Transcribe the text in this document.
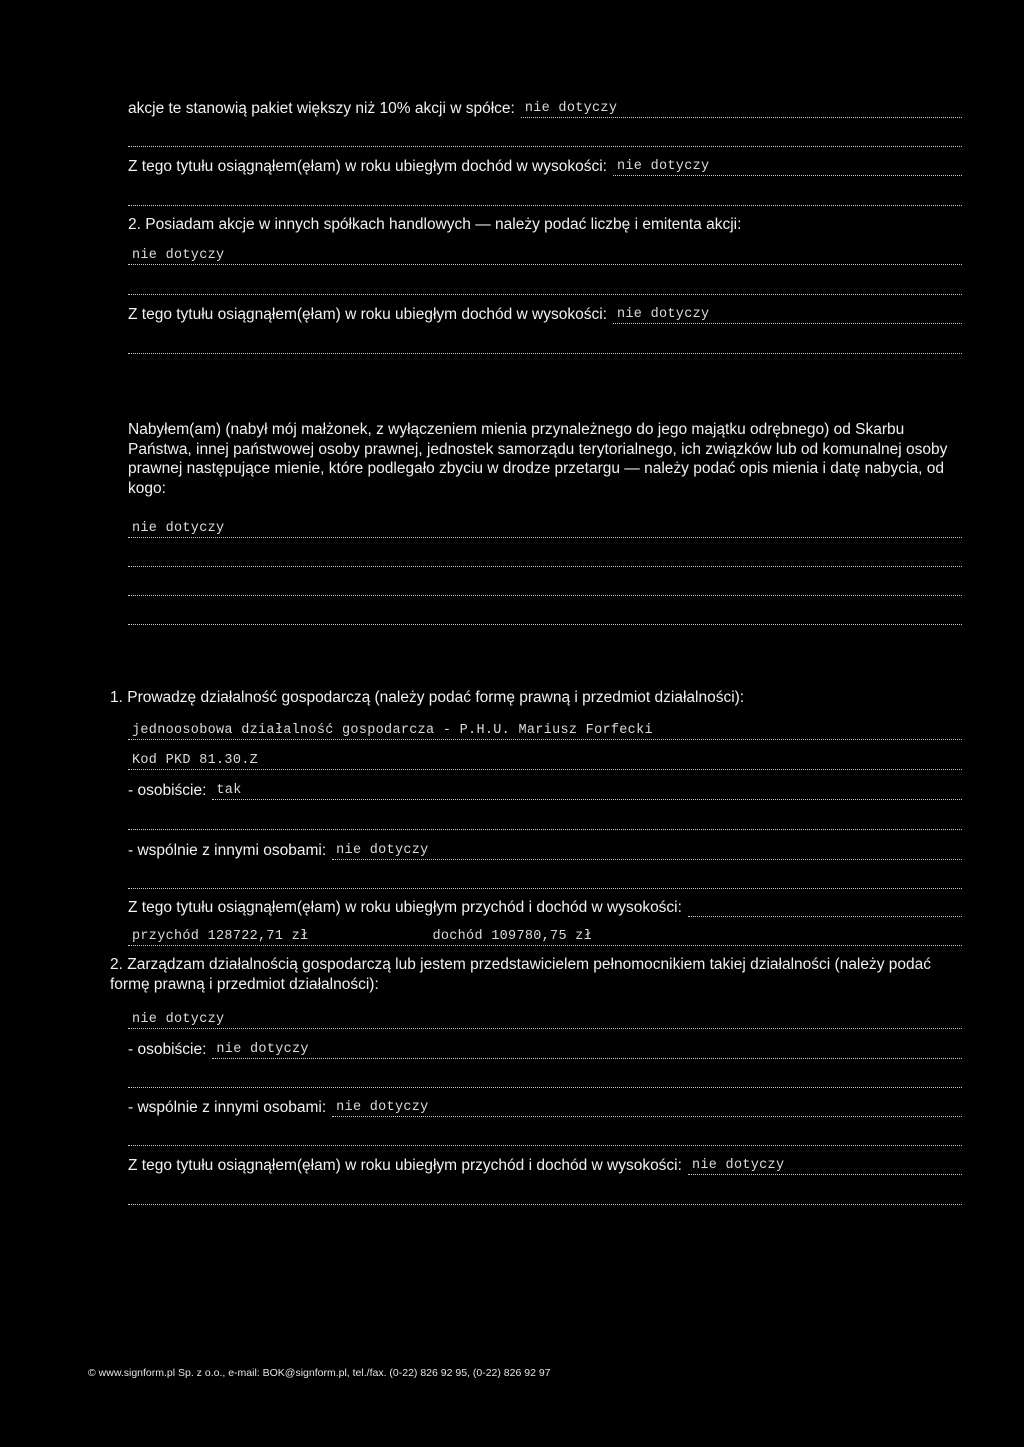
akcje te stanowią pakiet większy niż 10% akcji w spółce: nie dotyczy
Z tego tytułu osiągnąłem(ęłam) w roku ubiegłym dochód w wysokości: nie dotyczy
2. Posiadam akcje w innych spółkach handlowych — należy podać liczbę i emitenta akcji:
nie dotyczy
Z tego tytułu osiągnąłem(ęłam) w roku ubiegłym dochód w wysokości: nie dotyczy
Nabyłem(am) (nabył mój małżonek, z wyłączeniem mienia przynależnego do jego majątku odrębnego) od Skarbu Państwa, innej państwowej osoby prawnej, jednostek samorządu terytorialnego, ich związków lub od komunalnej osoby prawnej następujące mienie, które podlegało zbyciu w drodze przetargu — należy podać opis mienia i datę nabycia, od kogo:
nie dotyczy
1. Prowadzę działalność gospodarczą (należy podać formę prawną i przedmiot działalności):
jednoosobowa działalność gospodarcza - P.H.U. Mariusz Forfecki
Kod PKD 81.30.Z
- osobiście: tak
- wspólnie z innymi osobami: nie dotyczy
Z tego tytułu osiągnąłem(ęłam) w roku ubiegłym przychód i dochód w wysokości:
przychód 128722,71 zł	dochód 109780,75 zł
2. Zarządzam działalnością gospodarczą lub jestem przedstawicielem pełnomocnikiem takiej działalności (należy podać formę prawną i przedmiot działalności):
nie dotyczy
- osobiście: nie dotyczy
- wspólnie z innymi osobami: nie dotyczy
Z tego tytułu osiągnąłem(ęłam) w roku ubiegłym przychód i dochód w wysokości: nie dotyczy
© www.signform.pl Sp. z o.o., e-mail: BOK@signform.pl, tel./fax. (0-22) 826 92 95, (0-22) 826 92 97
